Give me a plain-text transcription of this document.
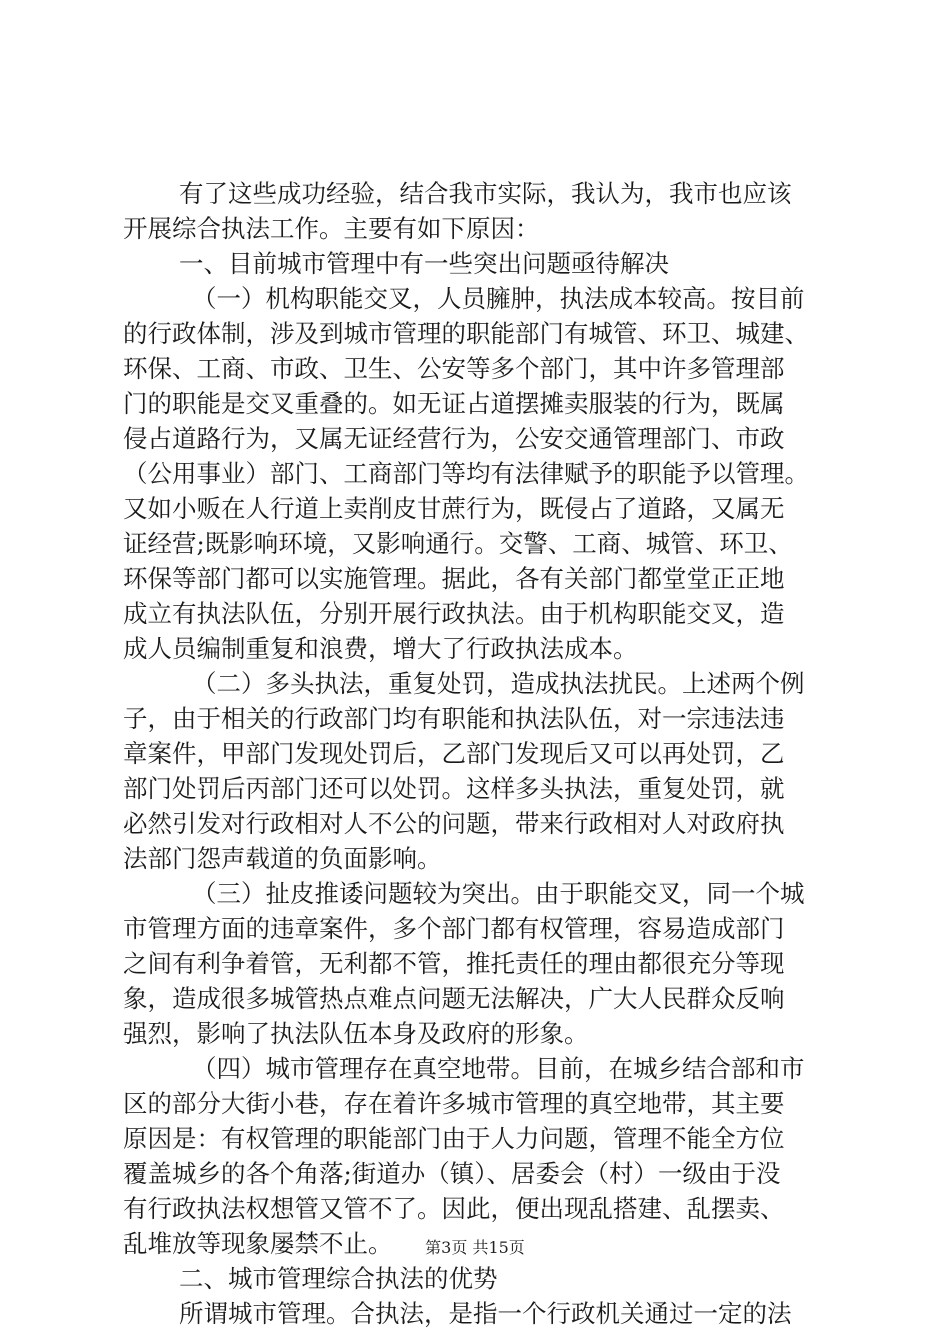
有了这些成功经验，结合我市实际，我认为，我市也应该
开展综合执法工作。主要有如下原因：
一、目前城市管理中有一些突出问题亟待解决
（一）机构职能交叉，人员臃肿，执法成本较高。按目前
的行政体制，涉及到城市管理的职能部门有城管、环卫、城建、
环保、工商、市政、卫生、公安等多个部门，其中许多管理部
门的职能是交叉重叠的。如无证占道摆摊卖服装的行为，既属
侵占道路行为，又属无证经营行为，公安交通管理部门、市政
（公用事业）部门、工商部门等均有法律赋予的职能予以管理。
又如小贩在人行道上卖削皮甘蔗行为，既侵占了道路，又属无
证经营;既影响环境，又影响通行。交警、工商、城管、环卫、
环保等部门都可以实施管理。据此，各有关部门都堂堂正正地
成立有执法队伍，分别开展行政执法。由于机构职能交叉，造
成人员编制重复和浪费，增大了行政执法成本。
（二）多头执法，重复处罚，造成执法扰民。上述两个例
子，由于相关的行政部门均有职能和执法队伍，对一宗违法违
章案件，甲部门发现处罚后，乙部门发现后又可以再处罚，乙
部门处罚后丙部门还可以处罚。这样多头执法，重复处罚，就
必然引发对行政相对人不公的问题，带来行政相对人对政府执
法部门怨声载道的负面影响。
（三）扯皮推诿问题较为突出。由于职能交叉，同一个城
市管理方面的违章案件，多个部门都有权管理，容易造成部门
之间有利争着管，无利都不管，推托责任的理由都很充分等现
象，造成很多城管热点难点问题无法解决，广大人民群众反响
强烈，影响了执法队伍本身及政府的形象。
（四）城市管理存在真空地带。目前，在城乡结合部和市
区的部分大街小巷，存在着许多城市管理的真空地带，其主要
原因是：有权管理的职能部门由于人力问题，管理不能全方位
覆盖城乡的各个角落;街道办（镇）、居委会（村）一级由于没
有行政执法权想管又管不了。因此，便出现乱搭建、乱摆卖、
乱堆放等现象屡禁不止。
二、城市管理综合执法的优势
所谓城市管理。合执法，是指一个行政机关通过一定的法
第3页 共15页
